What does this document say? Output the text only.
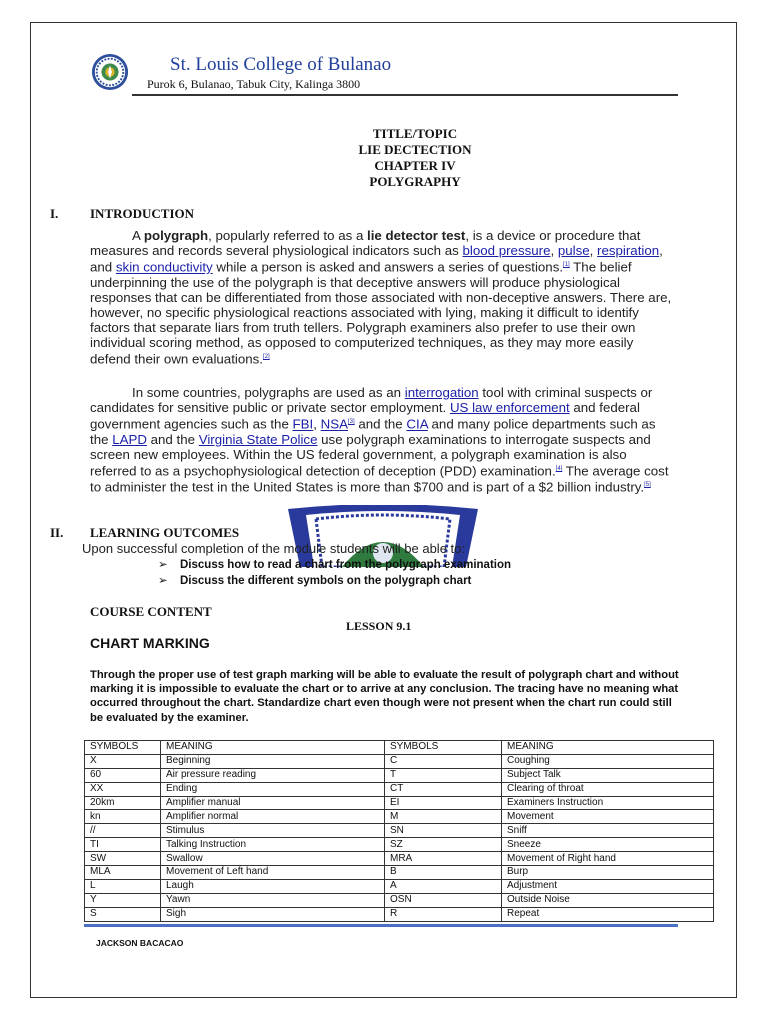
St. Louis College of Bulanao
Purok 6, Bulanao, Tabuk City, Kalinga 3800
TITLE/TOPIC
LIE DECTECTION
CHAPTER IV
POLYGRAPHY
I. INTRODUCTION

A polygraph, popularly referred to as a lie detector test, is a device or procedure that measures and records several physiological indicators such as blood pressure, pulse, respiration, and skin conductivity while a person is asked and answers a series of questions.[1] The belief underpinning the use of the polygraph is that deceptive answers will produce physiological responses that can be differentiated from those associated with non-deceptive answers. There are, however, no specific physiological reactions associated with lying, making it difficult to identify factors that separate liars from truth tellers. Polygraph examiners also prefer to use their own individual scoring method, as opposed to computerized techniques, as they may more easily defend their own evaluations.[2]

In some countries, polygraphs are used as an interrogation tool with criminal suspects or candidates for sensitive public or private sector employment. US law enforcement and federal government agencies such as the FBI, NSA[3] and the CIA and many police departments such as the LAPD and the Virginia State Police use polygraph examinations to interrogate suspects and screen new employees. Within the US federal government, a polygraph examination is also referred to as a psychophysiological detection of deception (PDD) examination.[4] The average cost to administer the test in the United States is more than $700 and is part of a $2 billion industry.[5]

II. LEARNING OUTCOMES
Upon successful completion of the module students will be able to:
➢ Discuss how to read a chart from the polygraph examination
➢ Discuss the different symbols on the polygraph chart
COURSE CONTENT
LESSON 9.1
CHART MARKING

Through the proper use of test graph marking will be able to evaluate the result of polygraph chart and without marking it is impossible to evaluate the chart or to arrive at any conclusion. The tracing have no meaning what occurred throughout the chart. Standardize chart even though were not present when the chart run could still be evaluated by the examiner.

SYMBOLS	MEANING	SYMBOLS	MEANING
X	Beginning	C	Coughing
60	Air pressure reading	T	Subject Talk
XX	Ending	CT	Clearing of throat
20km	Amplifier manual	EI	Examiners Instruction
kn	Amplifier normal	M	Movement
//	Stimulus	SN	Sniff
TI	Talking Instruction	SZ	Sneeze
SW	Swallow	MRA	Movement of Right hand
MLA	Movement of Left hand	B	Burp
L	Laugh	A	Adjustment
Y	Yawn	OSN	Outside Noise
S	Sigh	R	Repeat
JACKSON BACACAO
